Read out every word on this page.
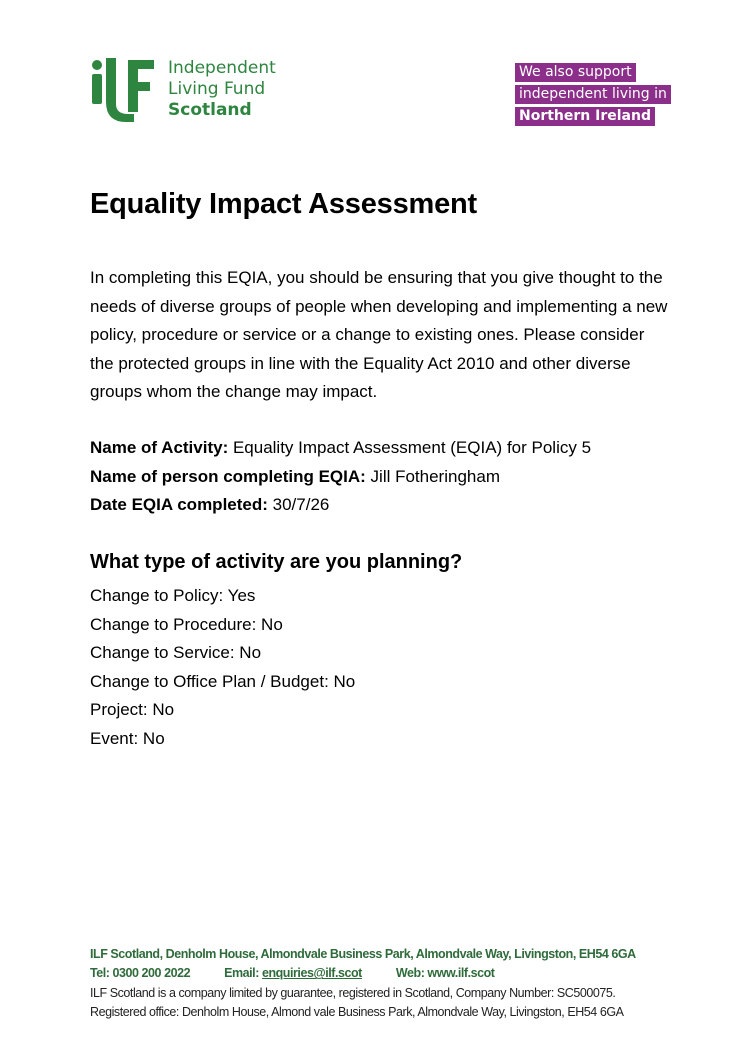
Independent
Living Fund
Scotland
We also support
independent living in
Northern Ireland
Equality Impact Assessment

In completing this EQIA, you should be ensuring that you give thought to the needs of diverse groups of people when developing and implementing a new policy, procedure or service or a change to existing ones. Please consider the protected groups in line with the Equality Act 2010 and other diverse groups whom the change may impact.

Name of Activity: Equality Impact Assessment (EQIA) for Policy 5
Name of person completing EQIA: Jill Fotheringham
Date EQIA completed: 30/7/26
What type of activity are you planning?
Change to Policy: Yes
Change to Procedure: No
Change to Service: No
Change to Office Plan / Budget: No
Project: No
Event: No
ILF Scotland, Denholm House, Almondvale Business Park, Almondvale Way, Livingston, EH54 6GA
Tel: 0300 200 2022	Email: enquiries@ilf.scot	Web: www.ilf.scot
ILF Scotland is a company limited by guarantee, registered in Scotland, Company Number: SC500075.
Registered office: Denholm House, Almond vale Business Park, Almondvale Way, Livingston, EH54 6GA
